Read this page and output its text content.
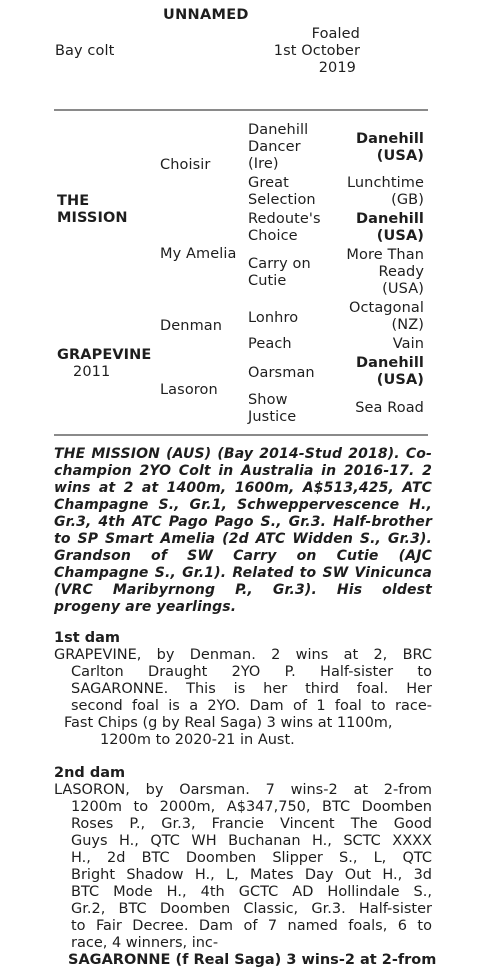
UNNAMED
Bay colt
Foaled
1st October
2019
THE
MISSION
GRAPEVINE
2011
Choisir
My Amelia
Denman
Lasoron
Danehill
Dancer
(Ire)
Great
Selection
Redoute's
Choice
Carry on
Cutie
Lonhro
Peach
Oarsman
Show
Justice
Danehill
(USA)
Lunchtime
(GB)
Danehill
(USA)
More Than
Ready
(USA)
Octagonal
(NZ)
Vain
Danehill
(USA)
Sea Road
THE MISSION (AUS) (Bay 2014-Stud 2018). Co-
champion 2YO Colt in Australia in 2016-17. 2
wins at 2 at 1400m, 1600m, A$513,425, ATC
Champagne S., Gr.1, Schweppervescence H.,
Gr.3, 4th ATC Pago Pago S., Gr.3. Half-brother
to SP Smart Amelia (2d ATC Widden S., Gr.3).
Grandson of SW Carry on Cutie (AJC
Champagne S., Gr.1). Related to SW Vinicunca
(VRC Maribyrnong P., Gr.3). His oldest
progeny are yearlings.
1st dam
GRAPEVINE, by Denman. 2 wins at 2, BRC
Carlton Draught 2YO P. Half-sister to
SAGARONNE. This is her third foal. Her
second foal is a 2YO. Dam of 1 foal to race-
Fast Chips (g by Real Saga) 3 wins at 1100m,
1200m to 2020-21 in Aust.
2nd dam
LASORON, by Oarsman. 7 wins-2 at 2-from
1200m to 2000m, A$347,750, BTC Doomben
Roses P., Gr.3, Francie Vincent The Good
Guys H., QTC WH Buchanan H., SCTC XXXX
H., 2d BTC Doomben Slipper S., L, QTC
Bright Shadow H., L, Mates Day Out H., 3d
BTC Mode H., 4th GCTC AD Hollindale S.,
Gr.2, BTC Doomben Classic, Gr.3. Half-sister
to Fair Decree. Dam of 7 named foals, 6 to
race, 4 winners, inc-
SAGARONNE (f Real Saga) 3 wins-2 at 2-from
